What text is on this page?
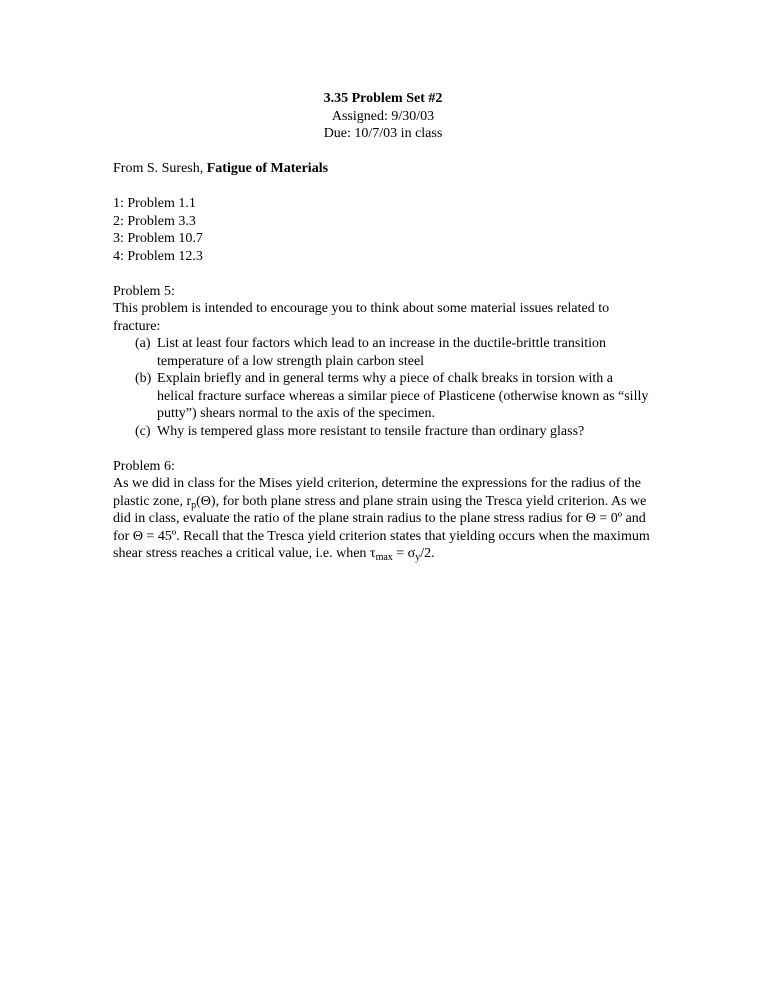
3.35 Problem Set #2
Assigned: 9/30/03
Due: 10/7/03 in class
From S. Suresh, Fatigue of Materials
1: Problem 1.1
2: Problem 3.3
3: Problem 10.7
4: Problem 12.3
Problem 5:
This problem is intended to encourage you to think about some material issues related to fracture:
(a) List at least four factors which lead to an increase in the ductile-brittle transition temperature of a low strength plain carbon steel
(b) Explain briefly and in general terms why a piece of chalk breaks in torsion with a helical fracture surface whereas a similar piece of Plasticene (otherwise known as “silly putty”) shears normal to the axis of the specimen.
(c) Why is tempered glass more resistant to tensile fracture than ordinary glass?
Problem 6:
As we did in class for the Mises yield criterion, determine the expressions for the radius of the plastic zone, $r_p(\Theta)$, for both plane stress and plane strain using the Tresca yield criterion. As we did in class, evaluate the ratio of the plane strain radius to the plane stress radius for Θ = 0º and for Θ = 45º. Recall that the Tresca yield criterion states that yielding occurs when the maximum shear stress reaches a critical value, i.e. when $\tau_{max} = \sigma_y/2$.
